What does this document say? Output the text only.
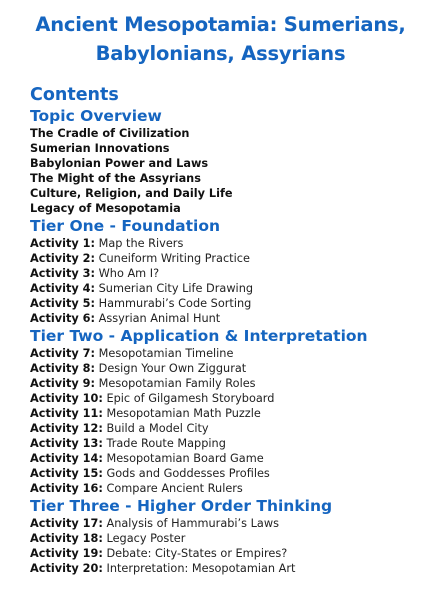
Ancient Mesopotamia: Sumerians,
Babylonians, Assyrians
Contents
Topic Overview
The Cradle of Civilization
Sumerian Innovations
Babylonian Power and Laws
The Might of the Assyrians
Culture, Religion, and Daily Life
Legacy of Mesopotamia
Tier One - Foundation
Activity 1: Map the Rivers
Activity 2: Cuneiform Writing Practice
Activity 3: Who Am I?
Activity 4: Sumerian City Life Drawing
Activity 5: Hammurabi’s Code Sorting
Activity 6: Assyrian Animal Hunt
Tier Two - Application & Interpretation
Activity 7: Mesopotamian Timeline
Activity 8: Design Your Own Ziggurat
Activity 9: Mesopotamian Family Roles
Activity 10: Epic of Gilgamesh Storyboard
Activity 11: Mesopotamian Math Puzzle
Activity 12: Build a Model City
Activity 13: Trade Route Mapping
Activity 14: Mesopotamian Board Game
Activity 15: Gods and Goddesses Profiles
Activity 16: Compare Ancient Rulers
Tier Three - Higher Order Thinking
Activity 17: Analysis of Hammurabi’s Laws
Activity 18: Legacy Poster
Activity 19: Debate: City-States or Empires?
Activity 20: Interpretation: Mesopotamian Art
